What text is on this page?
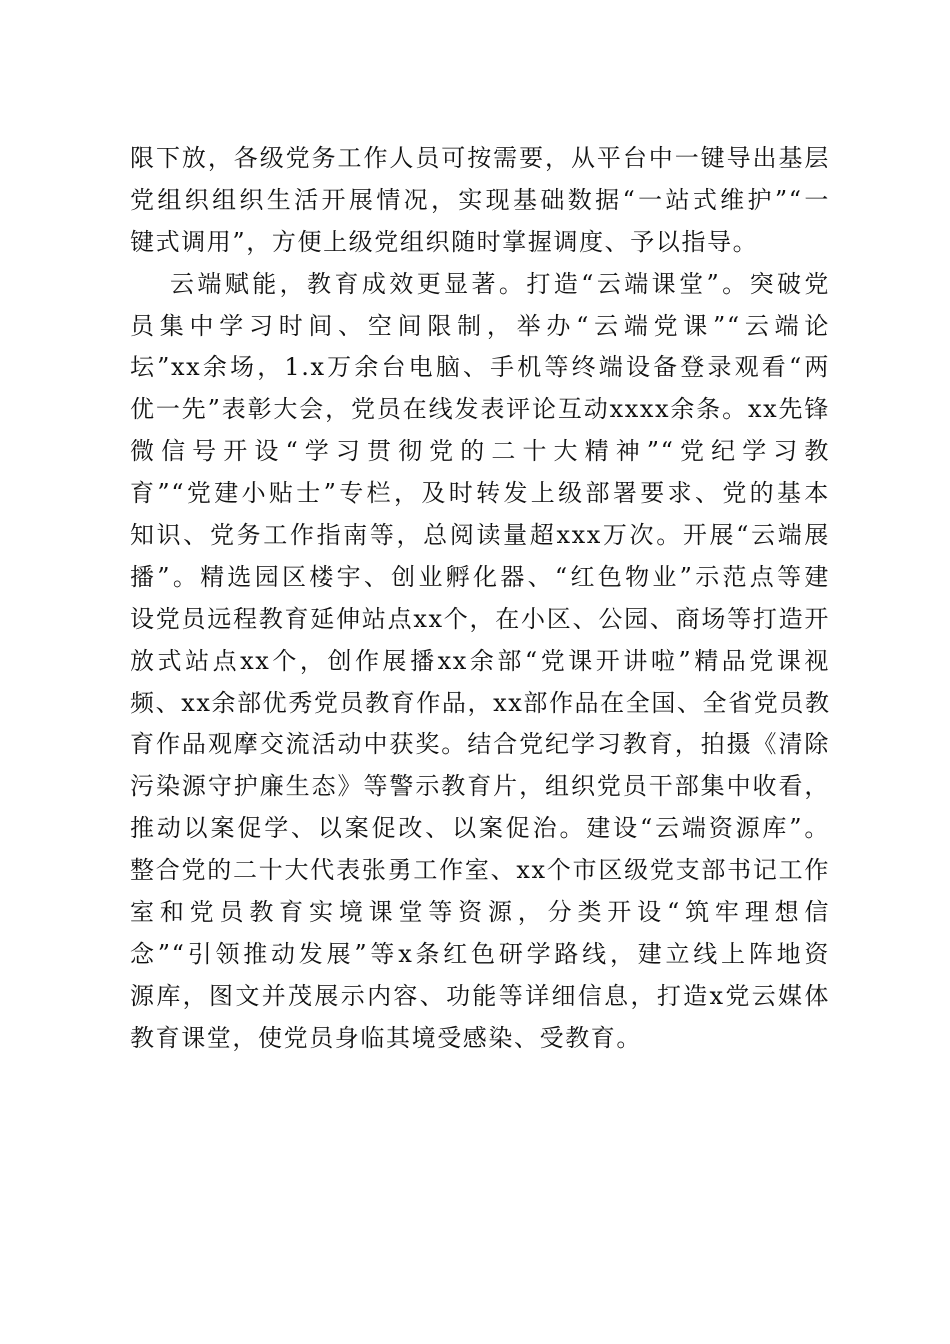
限下放，各级党务工作人员可按需要，从平台中一键导出基层
党组织组织生活开展情况，实现基础数据“一站式维护”“一
键式调用”，方便上级党组织随时掌握调度、予以指导。
云端赋能，教育成效更显著。打造“云端课堂”。突破党
员集中学习时间、空间限制，举办“云端党课”“云端论
坛”xx余场，1.x万余台电脑、手机等终端设备登录观看“两
优一先”表彰大会，党员在线发表评论互动xxxx余条。xx先锋
微信号开设“学习贯彻党的二十大精神”“党纪学习教
育”“党建小贴士”专栏，及时转发上级部署要求、党的基本
知识、党务工作指南等，总阅读量超xxx万次。开展“云端展
播”。精选园区楼宇、创业孵化器、“红色物业”示范点等建
设党员远程教育延伸站点xx个，在小区、公园、商场等打造开
放式站点xx个，创作展播xx余部“党课开讲啦”精品党课视
频、xx余部优秀党员教育作品，xx部作品在全国、全省党员教
育作品观摩交流活动中获奖。结合党纪学习教育，拍摄《清除
污染源守护廉生态》等警示教育片，组织党员干部集中收看，
推动以案促学、以案促改、以案促治。建设“云端资源库”。
整合党的二十大代表张勇工作室、xx个市区级党支部书记工作
室和党员教育实境课堂等资源，分类开设“筑牢理想信
念”“引领推动发展”等x条红色研学路线，建立线上阵地资
源库，图文并茂展示内容、功能等详细信息，打造x党云媒体
教育课堂，使党员身临其境受感染、受教育。
